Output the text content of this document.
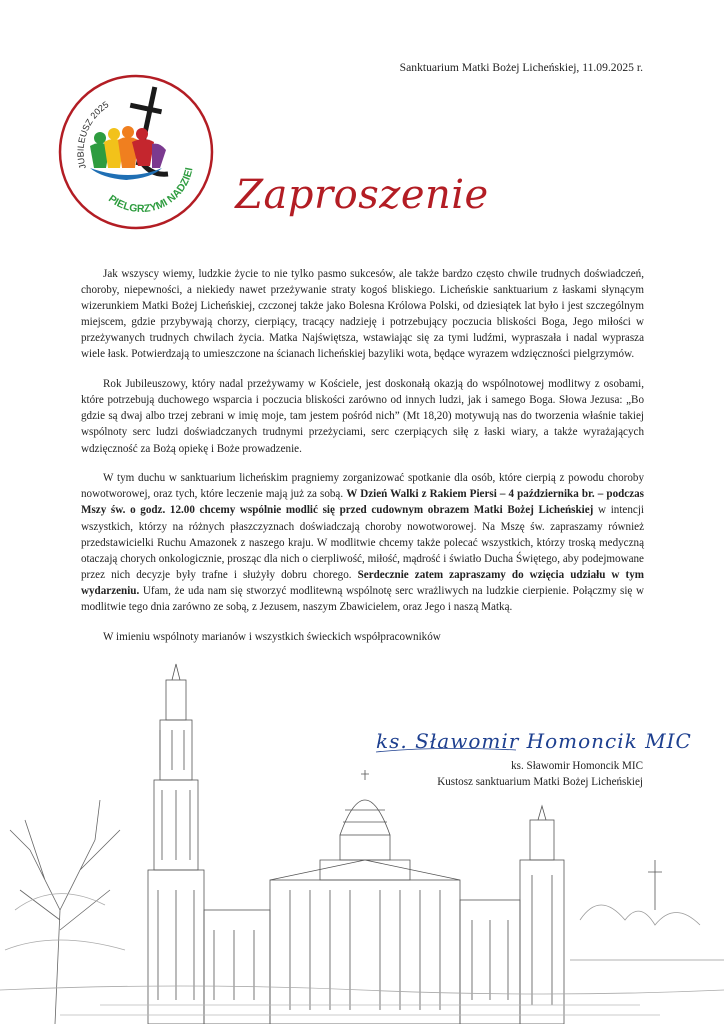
JUBILEUSZ 2025
PIELGRZYMI NADZIEI
Sanktuarium Matki Bożej Licheńskiej, 11.09.2025 r.
Zaproszenie

Jak wszyscy wiemy, ludzkie życie to nie tylko pasmo sukcesów, ale także bardzo często chwile trudnych doświadczeń, choroby, niepewności, a niekiedy nawet przeżywanie straty kogoś bliskiego. Licheńskie sanktuarium z łaskami słynącym wizerunkiem Matki Bożej Licheńskiej, czczonej także jako Bolesna Królowa Polski, od dziesiątek lat było i jest szczególnym miejscem, gdzie przybywają chorzy, cierpiący, tracący nadzieję i potrzebujący poczucia bliskości Boga, Jego miłości w przeżywanych trudnych chwilach życia. Matka Najświętsza, wstawiając się za tymi ludźmi, wypraszała i nadal wyprasza wiele łask. Potwierdzają to umieszczone na ścianach licheńskiej bazyliki wota, będące wyrazem wdzięczności pielgrzymów.

Rok Jubileuszowy, który nadal przeżywamy w Kościele, jest doskonałą okazją do wspólnotowej modlitwy z osobami, które potrzebują duchowego wsparcia i poczucia bliskości zarówno od innych ludzi, jak i samego Boga. Słowa Jezusa: „Bo gdzie są dwaj albo trzej zebrani w imię moje, tam jestem pośród nich” (Mt 18,20) motywują nas do tworzenia właśnie takiej wspólnoty serc ludzi doświadczanych trudnymi przeżyciami, serc czerpiących siłę z łaski wiary, a także wyrażających wdzięczność za Bożą opiekę i Boże prowadzenie.

W tym duchu w sanktuarium licheńskim pragniemy zorganizować spotkanie dla osób, które cierpią z powodu choroby nowotworowej, oraz tych, które leczenie mają już za sobą. W Dzień Walki z Rakiem Piersi – 4 października br. – podczas Mszy św. o godz. 12.00 chcemy wspólnie modlić się przed cudownym obrazem Matki Bożej Licheńskiej w intencji wszystkich, którzy na różnych płaszczyznach doświadczają choroby nowotworowej. Na Mszę św. zapraszamy również przedstawicielki Ruchu Amazonek z naszego kraju. W modlitwie chcemy także polecać wszystkich, którzy troską medyczną otaczają chorych onkologicznie, prosząc dla nich o cierpliwość, miłość, mądrość i światło Ducha Świętego, aby podejmowane przez nich decyzje były trafne i służyły dobru chorego. Serdecznie zatem zapraszamy do wzięcia udziału w tym wydarzeniu. Ufam, że uda nam się stworzyć modlitewną wspólnotę serc wrażliwych na ludzkie cierpienie. Połączmy się w modlitwie tego dnia zarówno ze sobą, z Jezusem, naszym Zbawicielem, oraz Jego i naszą Matką.

W imieniu wspólnoty marianów i wszystkich świeckich współpracowników

ks. Sławomir Homoncik MIC
ks. Sławomir Homoncik MIC
Kustosz sanktuarium Matki Bożej Licheńskiej
